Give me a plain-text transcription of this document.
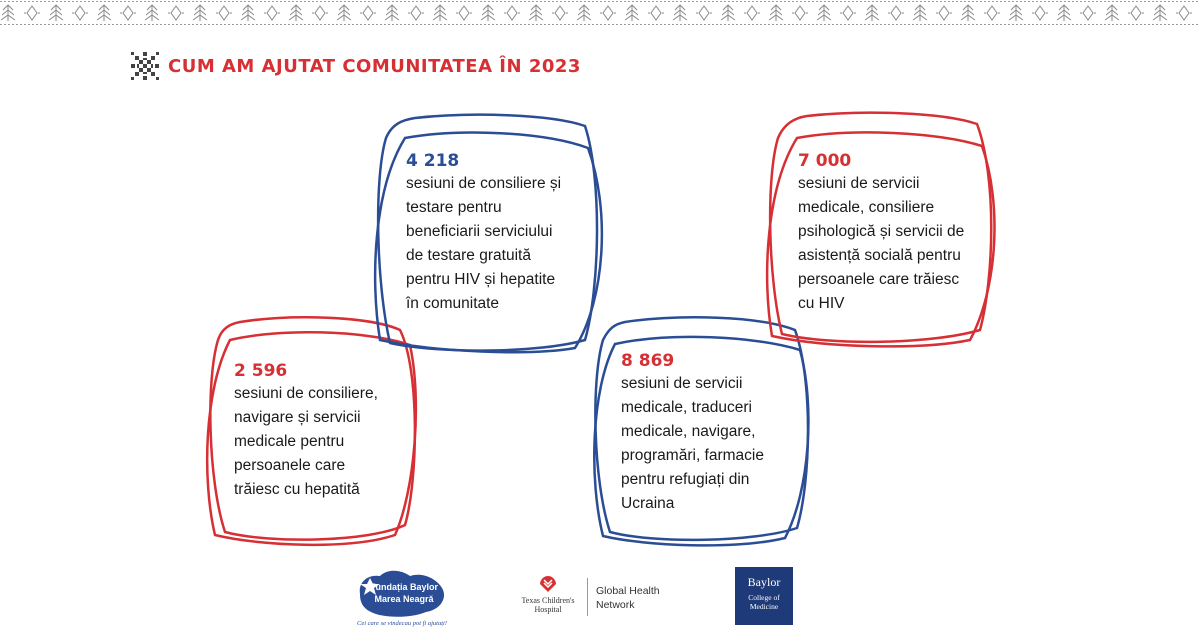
CUM AM AJUTAT COMUNITATEA ÎN 2023
2 596
sesiuni de consiliere,
navigare și servicii
medicale pentru
persoanele care
trăiesc cu hepatită
4 218
sesiuni de consiliere și
testare pentru
beneficiarii serviciului
de testare gratuită
pentru HIV și hepatite
în comunitate
8 869
sesiuni de servicii
medicale, traduceri
medicale, navigare,
programări, farmacie
pentru refugiați din
Ucraina
7 000
sesiuni de servicii
medicale, consiliere
psihologică și servicii de
asistență socială pentru
persoanele care trăiesc
cu HIV
Fundația Baylor
Marea Neagră
Cei care se vindecau pot fi ajutați!
Texas Children's Hospital
Global Health
Network
Baylor
College of Medicine
